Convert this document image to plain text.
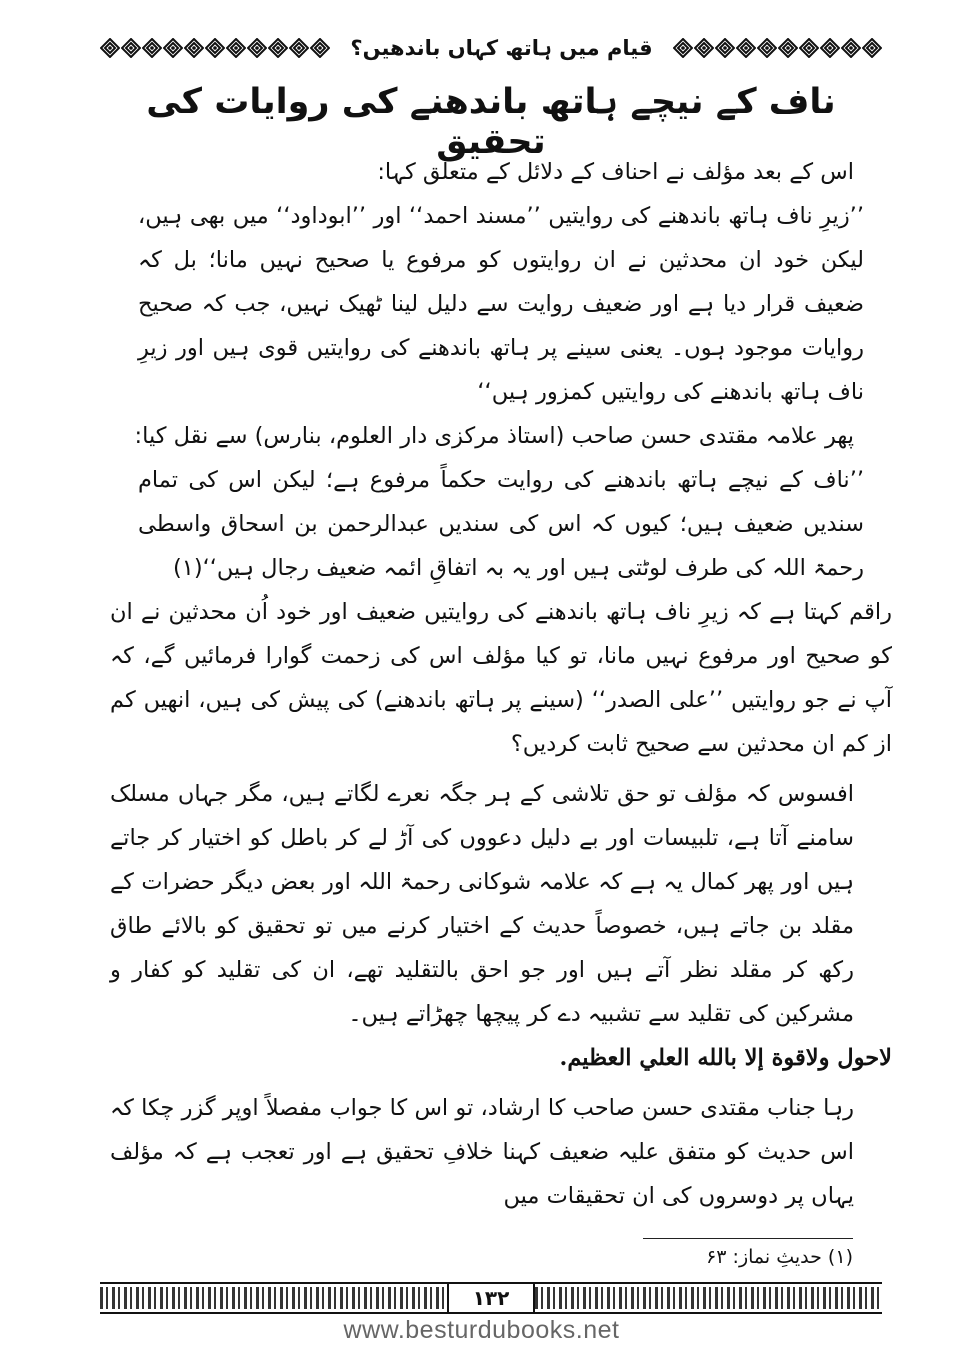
قیام میں ہاتھ کہاں باندھیں؟
ناف کے نیچے ہاتھ باندھنے کی روایات کی تحقیق

اس کے بعد مؤلف نے احناف کے دلائل کے متعلق کہا:

’’زیرِ ناف ہاتھ باندھنے کی روایتیں ’’مسند احمد‘‘ اور ’’ابوداود‘‘ میں بھی ہیں، لیکن خود ان محدثین نے ان روایتوں کو مرفوع یا صحیح نہیں مانا؛ بل کہ ضعیف قرار دیا ہے اور ضعیف روایت سے دلیل لینا ٹھیک نہیں، جب کہ صحیح روایات موجود ہوں۔ یعنی سینے پر ہاتھ باندھنے کی روایتیں قوی ہیں اور زیرِ ناف ہاتھ باندھنے کی روایتیں کمزور ہیں‘‘

پھر علامہ مقتدی حسن صاحب (استاذ مرکزی دار العلوم، بنارس) سے نقل کیا:

’’ناف کے نیچے ہاتھ باندھنے کی روایت حکماً مرفوع ہے؛ لیکن اس کی تمام سندیں ضعیف ہیں؛ کیوں کہ اس کی سندیں عبدالرحمن بن اسحاق واسطی رحمۃ اللہ کی طرف لوٹتی ہیں اور یہ بہ اتفاقِ ائمہ ضعیف رجال ہیں‘‘(۱)

راقم کہتا ہے کہ زیرِ ناف ہاتھ باندھنے کی روایتیں ضعیف اور خود اُن محدثین نے ان کو صحیح اور مرفوع نہیں مانا، تو کیا مؤلف اس کی زحمت گوارا فرمائیں گے، کہ آپ نے جو روایتیں ’’علی الصدر‘‘ (سینے پر ہاتھ باندھنے) کی پیش کی ہیں، انھیں کم از کم ان محدثین سے صحیح ثابت کردیں؟

افسوس کہ مؤلف تو حق تلاشی کے ہر جگہ نعرے لگاتے ہیں، مگر جہاں مسلک سامنے آتا ہے، تلبیسات اور بے دلیل دعووں کی آڑ لے کر باطل کو اختیار کر جاتے ہیں اور پھر کمال یہ ہے کہ علامہ شوکانی رحمۃ اللہ اور بعض دیگر حضرات کے مقلد بن جاتے ہیں، خصوصاً حدیث کے اختیار کرنے میں تو تحقیق کو بالائے طاق رکھ کر مقلد نظر آتے ہیں اور جو احق بالتقلید تھے، ان کی تقلید کو کفار و مشرکین کی تقلید سے تشبیہ دے کر پیچھا چھڑاتے ہیں۔

لاحول ولاقوة إلا بالله العلي العظيم.

رہا جناب مقتدی حسن صاحب کا ارشاد، تو اس کا جواب مفصلاً اوپر گزر چکا کہ اس حدیث کو متفق علیہ ضعیف کہنا خلافِ تحقیق ہے اور تعجب ہے کہ مؤلف یہاں پر دوسروں کی ان تحقیقات میں

(۱) حدیثِ نماز: ۶۳
۱۳۲
www.besturdubooks.net
